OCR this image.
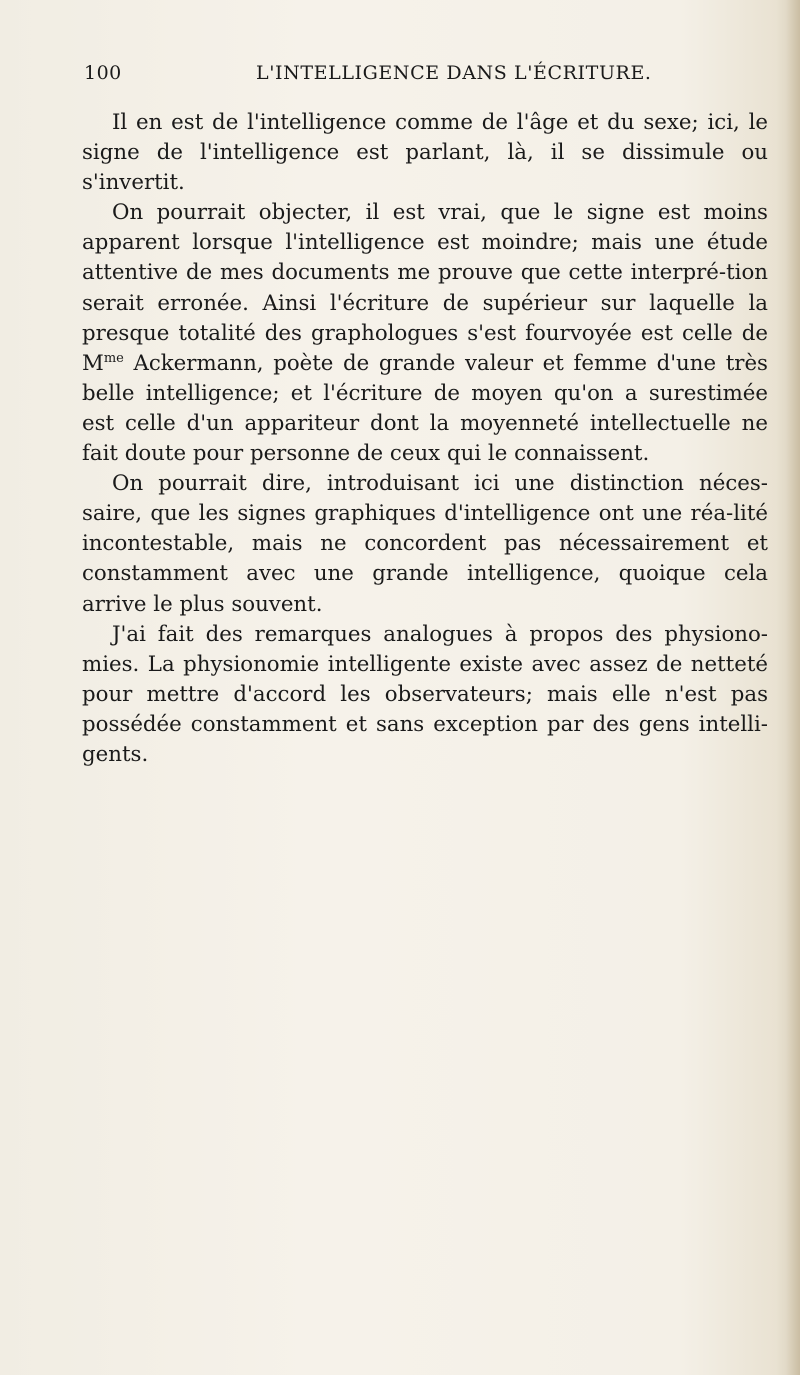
100	L'INTELLIGENCE DANS L'ÉCRITURE.

Il en est de l'intelligence comme de l'âge et du sexe; ici, le signe de l'intelligence est parlant, là, il se dissimule ou s'invertit.

On pourrait objecter, il est vrai, que le signe est moins apparent lorsque l'intelligence est moindre; mais une étude attentive de mes documents me prouve que cette interpré-tion serait erronée. Ainsi l'écriture de supérieur sur laquelle la presque totalité des graphologues s'est fourvoyée est celle de $M^{me}$ Ackermann, poète de grande valeur et femme d'une très belle intelligence; et l'écriture de moyen qu'on a surestimée est celle d'un appariteur dont la moyenneté intellectuelle ne fait doute pour personne de ceux qui le connaissent.

On pourrait dire, introduisant ici une distinction néces-saire, que les signes graphiques d'intelligence ont une réa-lité incontestable, mais ne concordent pas nécessairement et constamment avec une grande intelligence, quoique cela arrive le plus souvent.

J'ai fait des remarques analogues à propos des physiono-mies. La physionomie intelligente existe avec assez de netteté pour mettre d'accord les observateurs; mais elle n'est pas possédée constamment et sans exception par des gens intelli-gents.
